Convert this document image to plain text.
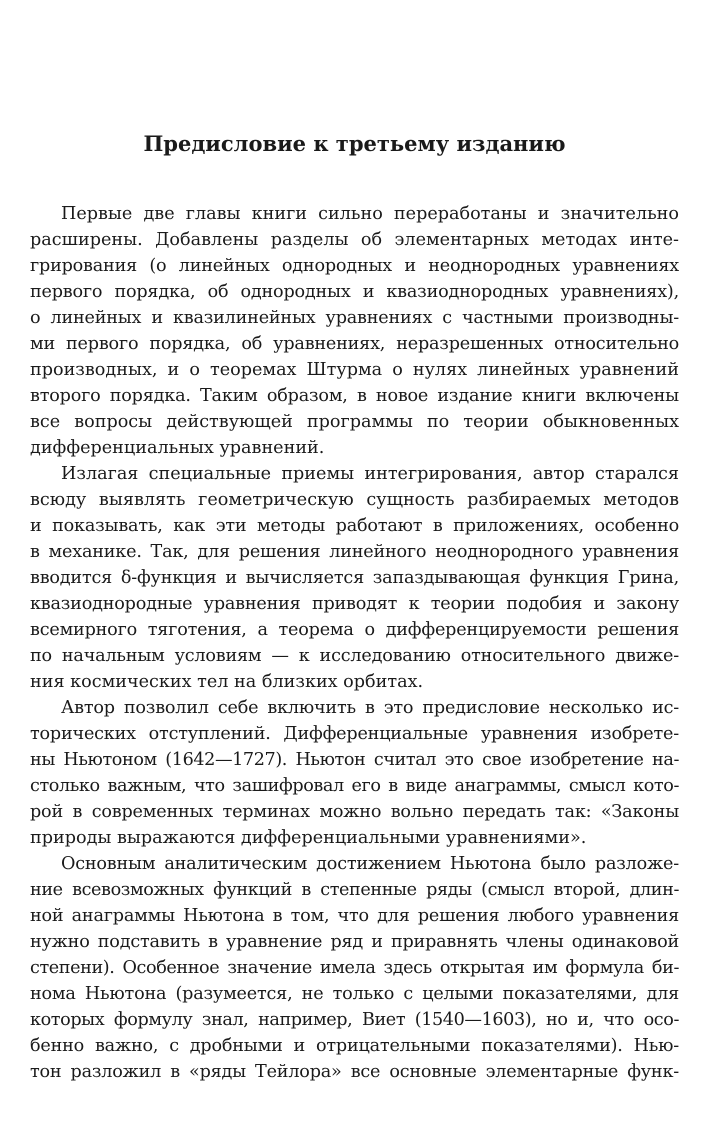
Предисловие к третьему изданию
Первые две главы книги сильно переработаны и значительно
расширены. Добавлены разделы об элементарных методах инте-
грирования (о линейных однородных и неоднородных уравнениях
первого порядка, об однородных и квазиоднородных уравнениях),
о линейных и квазилинейных уравнениях с частными производны-
ми первого порядка, об уравнениях, неразрешенных относительно
производных, и о теоремах Штурма о нулях линейных уравнений
второго порядка. Таким образом, в новое издание книги включены
все вопросы действующей программы по теории обыкновенных
дифференциальных уравнений.
Излагая специальные приемы интегрирования, автор старался
всюду выявлять геометрическую сущность разбираемых методов
и показывать, как эти методы работают в приложениях, особенно
в механике. Так, для решения линейного неоднородного уравнения
вводится δ-функция и вычисляется запаздывающая функция Грина,
квазиоднородные уравнения приводят к теории подобия и закону
всемирного тяготения, а теорема о дифференцируемости решения
по начальным условиям — к исследованию относительного движе-
ния космических тел на близких орбитах.
Автор позволил себе включить в это предисловие несколько ис-
торических отступлений. Дифференциальные уравнения изобрете-
ны Ньютоном (1642—1727). Ньютон считал это свое изобретение на-
столько важным, что зашифровал его в виде анаграммы, смысл кото-
рой в современных терминах можно вольно передать так: «Законы
природы выражаются дифференциальными уравнениями».
Основным аналитическим достижением Ньютона было разложе-
ние всевозможных функций в степенные ряды (смысл второй, длин-
ной анаграммы Ньютона в том, что для решения любого уравнения
нужно подставить в уравнение ряд и приравнять члены одинаковой
степени). Особенное значение имела здесь открытая им формула би-
нома Ньютона (разумеется, не только с целыми показателями, для
которых формулу знал, например, Виет (1540—1603), но и, что осо-
бенно важно, с дробными и отрицательными показателями). Нью-
тон разложил в «ряды Тейлора» все основные элементарные функ-
